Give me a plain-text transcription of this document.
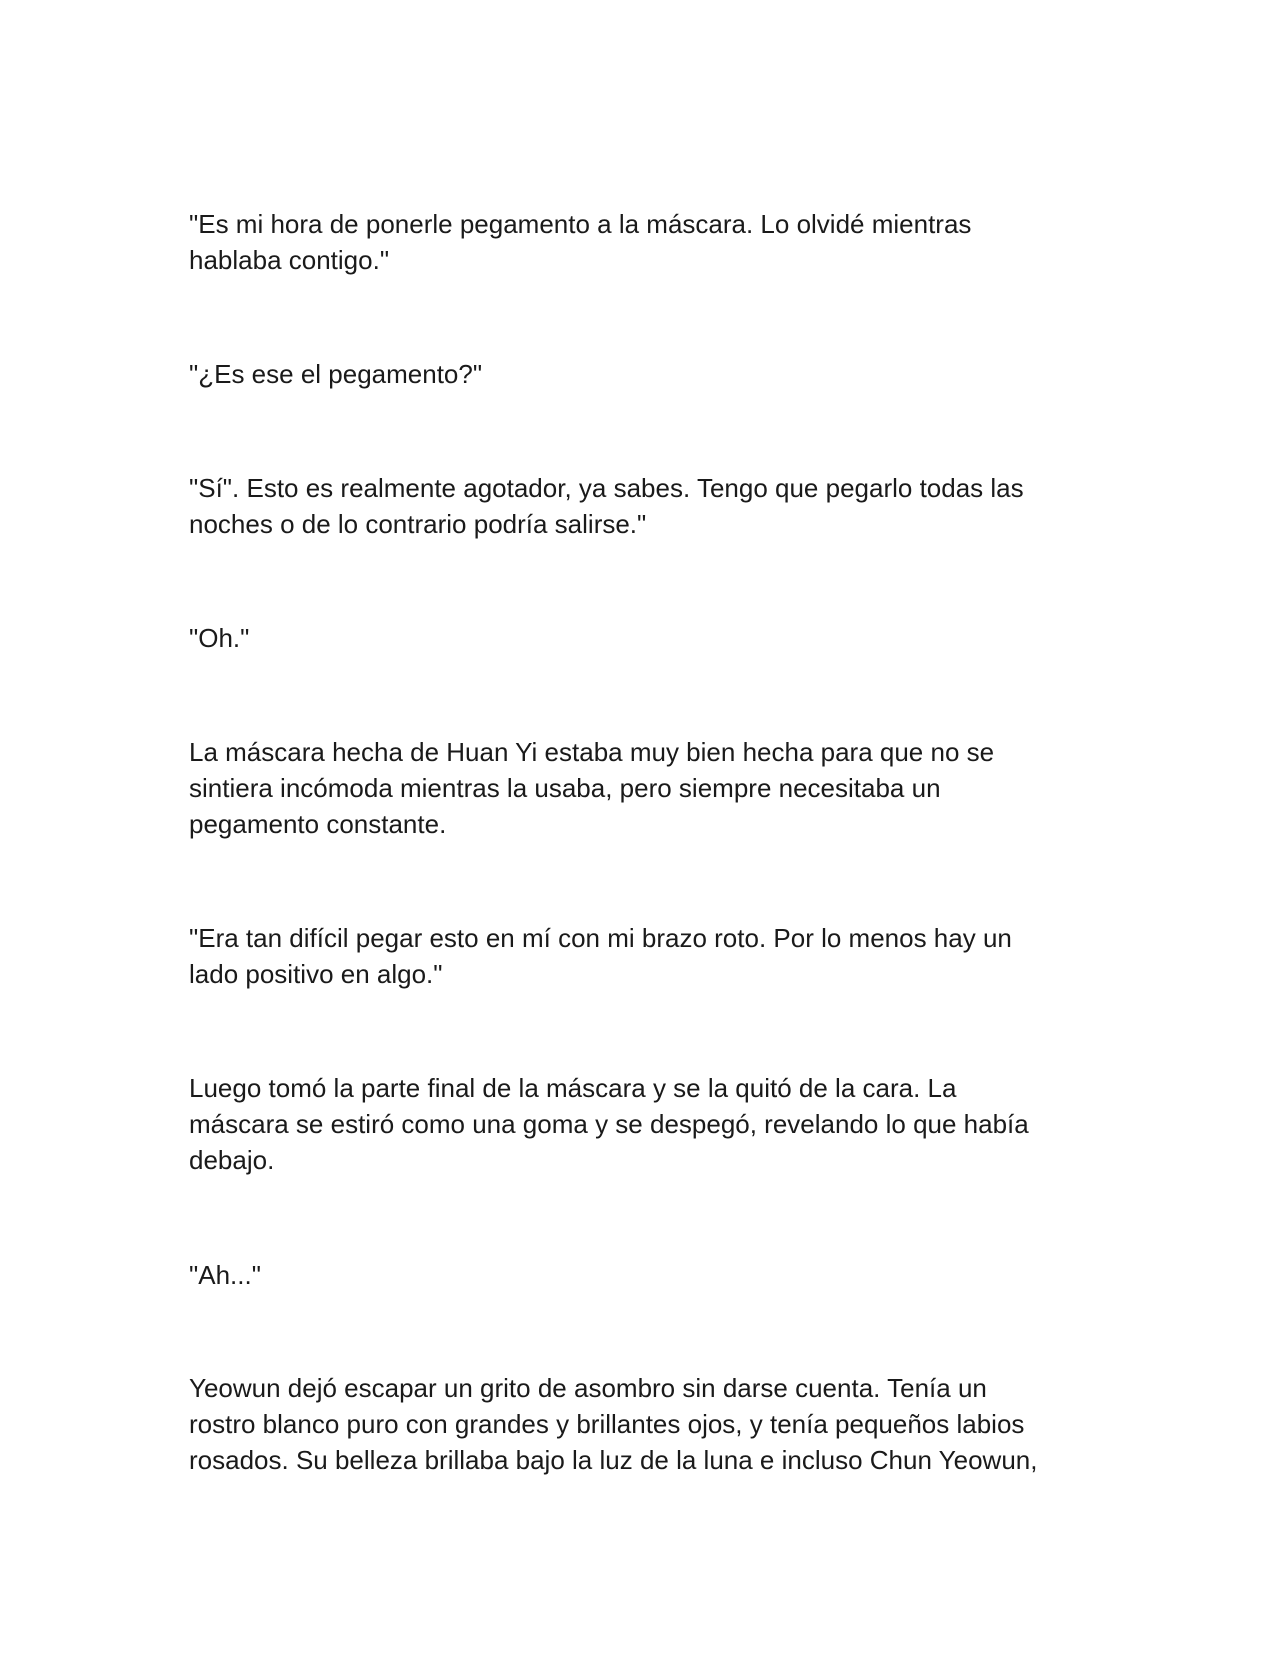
"Es mi hora de ponerle pegamento a la máscara. Lo olvidé mientras
hablaba contigo."

"¿Es ese el pegamento?"

"Sí". Esto es realmente agotador, ya sabes. Tengo que pegarlo todas las
noches o de lo contrario podría salirse."

"Oh."

La máscara hecha de Huan Yi estaba muy bien hecha para que no se
sintiera incómoda mientras la usaba, pero siempre necesitaba un
pegamento constante.

"Era tan difícil pegar esto en mí con mi brazo roto. Por lo menos hay un
lado positivo en algo."

Luego tomó la parte final de la máscara y se la quitó de la cara. La
máscara se estiró como una goma y se despegó, revelando lo que había
debajo.

"Ah..."

Yeowun dejó escapar un grito de asombro sin darse cuenta. Tenía un
rostro blanco puro con grandes y brillantes ojos, y tenía pequeños labios
rosados. Su belleza brillaba bajo la luz de la luna e incluso Chun Yeowun,
